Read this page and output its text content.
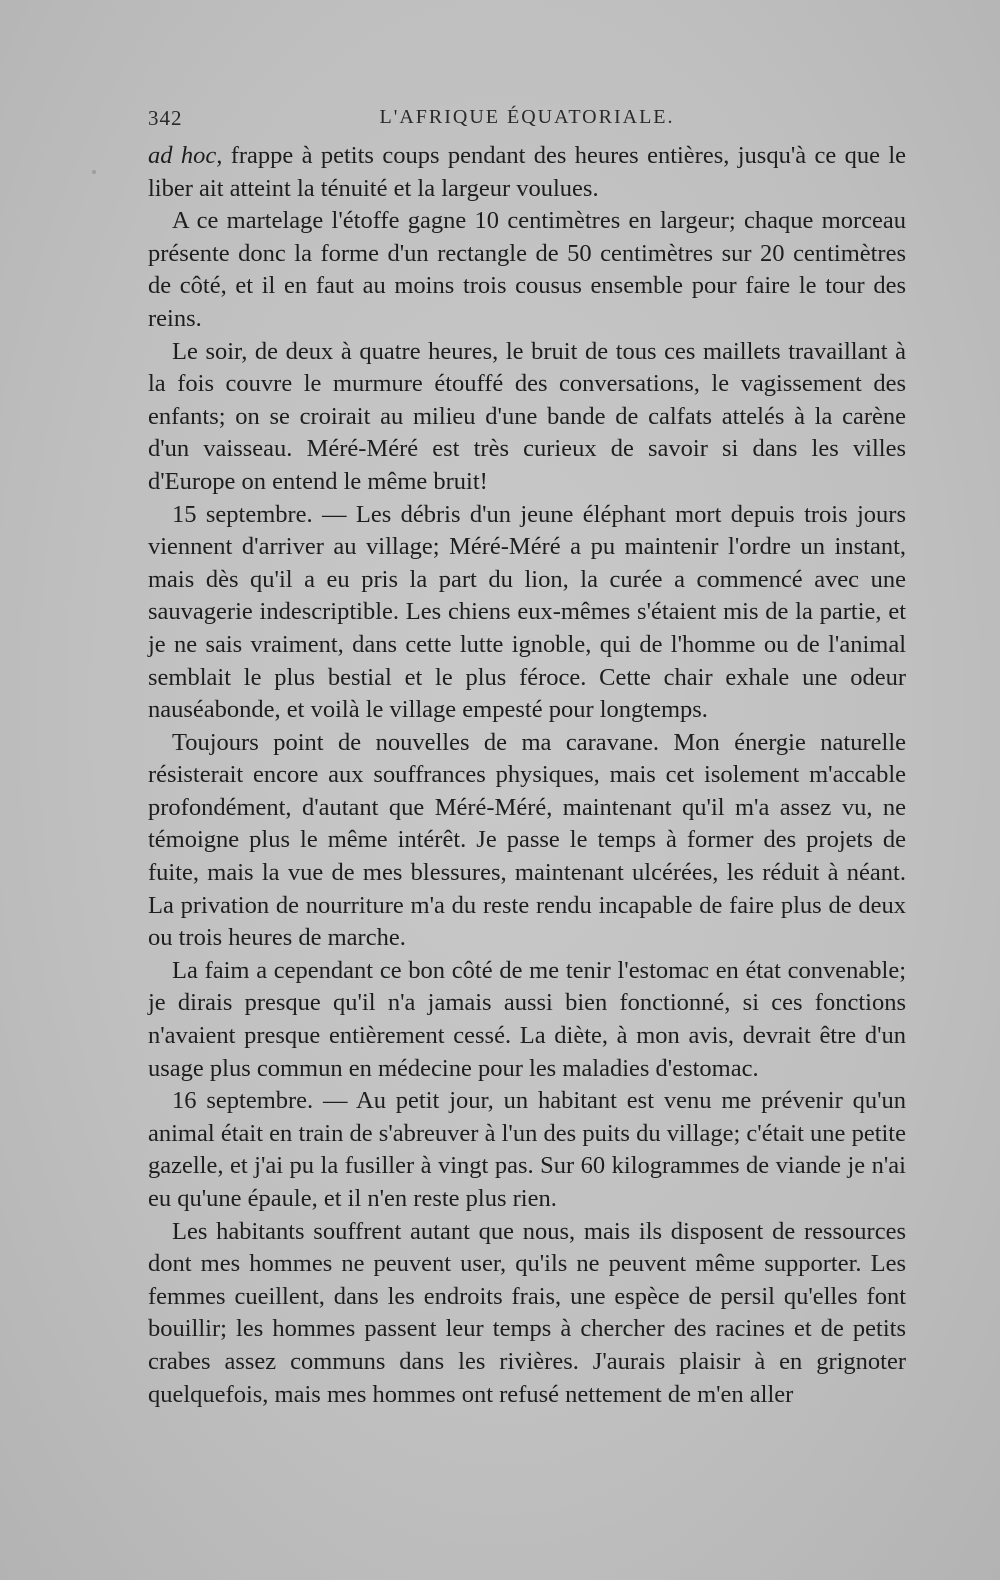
342	L'AFRIQUE ÉQUATORIALE.

ad hoc, frappe à petits coups pendant des heures entières, jusqu'à ce que le liber ait atteint la ténuité et la largeur voulues.

A ce martelage l'étoffe gagne 10 centimètres en largeur; chaque morceau présente donc la forme d'un rectangle de 50 centimètres sur 20 centimètres de côté, et il en faut au moins trois cousus ensemble pour faire le tour des reins.

Le soir, de deux à quatre heures, le bruit de tous ces maillets travaillant à la fois couvre le murmure étouffé des conversations, le vagissement des enfants; on se croirait au milieu d'une bande de calfats attelés à la carène d'un vaisseau. Méré-Méré est très curieux de savoir si dans les villes d'Europe on entend le même bruit!

15 septembre. — Les débris d'un jeune éléphant mort depuis trois jours viennent d'arriver au village; Méré-Méré a pu maintenir l'ordre un instant, mais dès qu'il a eu pris la part du lion, la curée a commencé avec une sauvagerie indescriptible. Les chiens eux-mêmes s'étaient mis de la partie, et je ne sais vraiment, dans cette lutte ignoble, qui de l'homme ou de l'animal semblait le plus bestial et le plus féroce. Cette chair exhale une odeur nauséabonde, et voilà le village empesté pour longtemps.

Toujours point de nouvelles de ma caravane. Mon énergie naturelle résisterait encore aux souffrances physiques, mais cet isolement m'accable profondément, d'autant que Méré-Méré, maintenant qu'il m'a assez vu, ne témoigne plus le même intérêt. Je passe le temps à former des projets de fuite, mais la vue de mes blessures, maintenant ulcérées, les réduit à néant. La privation de nourriture m'a du reste rendu incapable de faire plus de deux ou trois heures de marche.

La faim a cependant ce bon côté de me tenir l'estomac en état convenable; je dirais presque qu'il n'a jamais aussi bien fonctionné, si ces fonctions n'avaient presque entièrement cessé. La diète, à mon avis, devrait être d'un usage plus commun en médecine pour les maladies d'estomac.

16 septembre. — Au petit jour, un habitant est venu me prévenir qu'un animal était en train de s'abreuver à l'un des puits du village; c'était une petite gazelle, et j'ai pu la fusiller à vingt pas. Sur 60 kilogrammes de viande je n'ai eu qu'une épaule, et il n'en reste plus rien.

Les habitants souffrent autant que nous, mais ils disposent de ressources dont mes hommes ne peuvent user, qu'ils ne peuvent même supporter. Les femmes cueillent, dans les endroits frais, une espèce de persil qu'elles font bouillir; les hommes passent leur temps à chercher des racines et de petits crabes assez communs dans les rivières. J'aurais plaisir à en grignoter quelquefois, mais mes hommes ont refusé nettement de m'en aller
